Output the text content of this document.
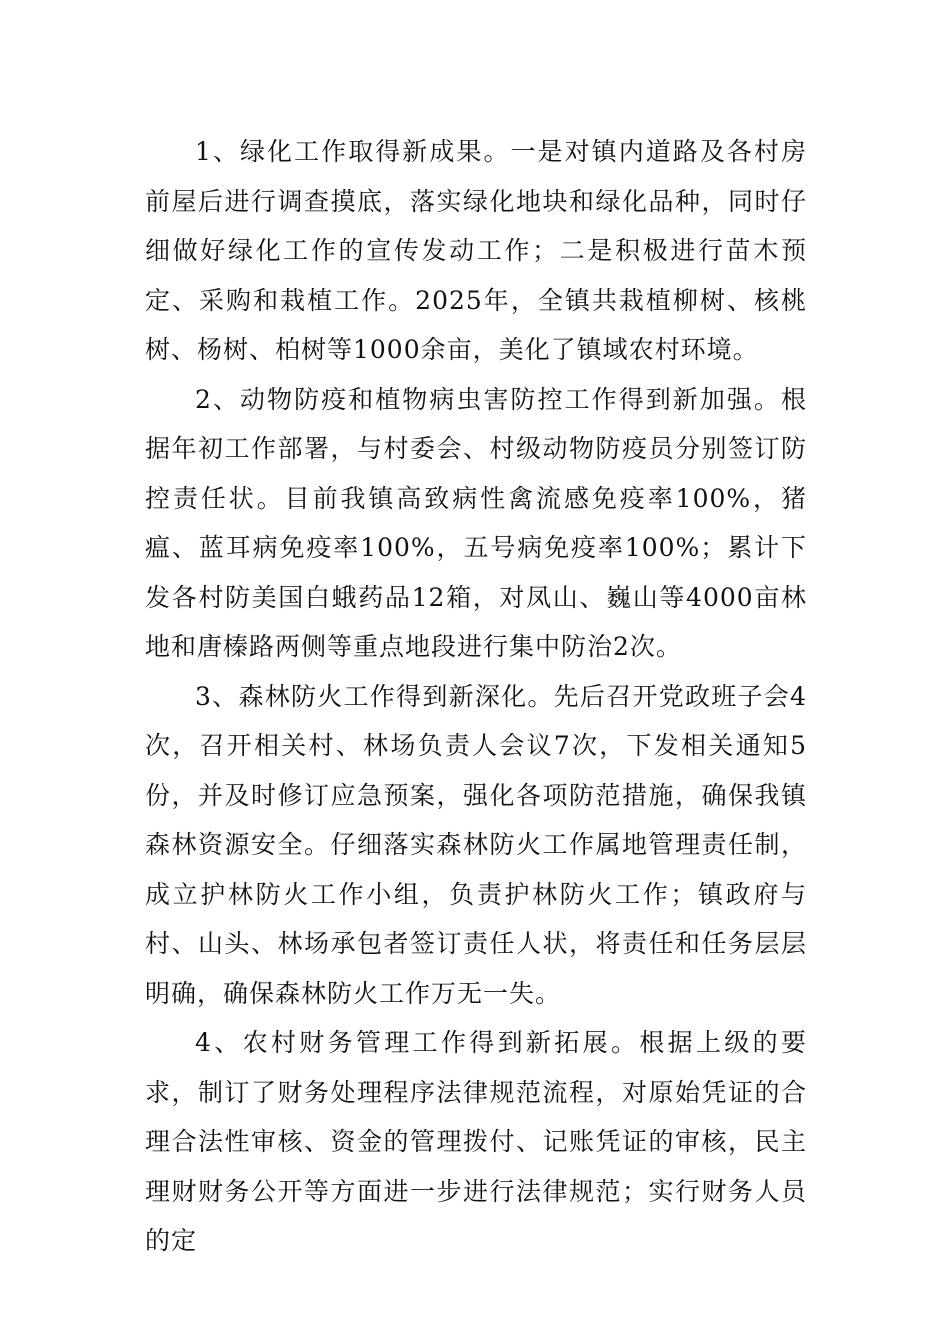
1、绿化工作取得新成果。一是对镇内道路及各村房前屋后进行调查摸底，落实绿化地块和绿化品种，同时仔细做好绿化工作的宣传发动工作；二是积极进行苗木预定、采购和栽植工作。2025年，全镇共栽植柳树、核桃树、杨树、柏树等1000余亩，美化了镇域农村环境。

2、动物防疫和植物病虫害防控工作得到新加强。根据年初工作部署，与村委会、村级动物防疫员分别签订防控责任状。目前我镇高致病性禽流感免疫率100%，猪瘟、蓝耳病免疫率100%，五号病免疫率100%；累计下发各村防美国白蛾药品12箱，对凤山、巍山等4000亩林地和唐榛路两侧等重点地段进行集中防治2次。

3、森林防火工作得到新深化。先后召开党政班子会4次，召开相关村、林场负责人会议7次，下发相关通知5份，并及时修订应急预案，强化各项防范措施，确保我镇森林资源安全。仔细落实森林防火工作属地管理责任制，成立护林防火工作小组，负责护林防火工作；镇政府与村、山头、林场承包者签订责任人状，将责任和任务层层明确，确保森林防火工作万无一失。

4、农村财务管理工作得到新拓展。根据上级的要求，制订了财务处理程序法律规范流程，对原始凭证的合理合法性审核、资金的管理拨付、记账凭证的审核，民主理财财务公开等方面进一步进行法律规范；实行财务人员的定
